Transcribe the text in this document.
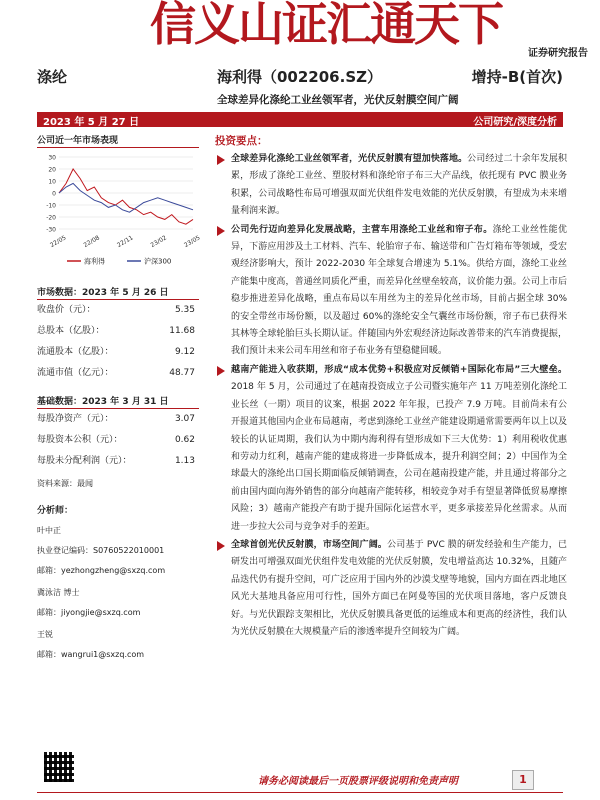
信义山证汇通天下
证券研究报告
涤纶	海利得（002206.SZ）	增持-B(首次)
全球差异化涤纶工业丝领军者，光伏反射膜空间广阔
2023 年 5 月 27 日	公司研究/深度分析
公司近一年市场表现
30
20
10
0
-10
-20
-30
22/05	22/08	22/11	23/02	23/05
海利得	沪深300
市场数据：2023 年 5 月 26 日
收盘价（元）：	5.35
总股本（亿股）：	11.68
流通股本（亿股）：	9.12
流通市值（亿元）：	48.77
基础数据：2023 年 3 月 31 日
每股净资产（元）：	3.07
每股资本公积（元）：	0.62
每股未分配利润（元）：	1.13
资料来源：最闻
分析师：
叶中正
执业登记编码：S0760522010001
邮箱：yezhongzheng@sxzq.com
冀泳洁 博士
邮箱：jiyongjie@sxzq.com
王锐
邮箱：wangrui1@sxzq.com
投资要点：
全球差异化涤纶工业丝领军者，光伏反射膜有望加快落地。公司经过二十余年发展积累，形成了涤纶工业丝、塑胶材料和涤纶帘子布三大产品线，依托现有 PVC 膜业务积累，公司战略性布局可增强双面光伏组件发电效能的光伏反射膜，有望成为未来增量利润来源。
公司先行迈向差异化发展战略，主营车用涤纶工业丝和帘子布。涤纶工业丝性能优异，下游应用涉及土工材料、汽车、轮胎帘子布、输送带和广告灯箱布等领域，受宏观经济影响大，预计 2022-2030 年全球复合增速为 5.1%。供给方面，涤纶工业丝产能集中度高，普通丝同质化严重，而差异化丝壁垒较高，议价能力强。公司上市后稳步推进差异化战略，重点布局以车用丝为主的差异化丝市场，目前占据全球 30%的安全带丝市场份额，以及超过 60%的涤纶安全气囊丝市场份额，帘子布已获得米其林等全球轮胎巨头长期认证。伴随国内外宏观经济边际改善带来的汽车消费提振，我们预计未来公司车用丝和帘子布业务有望稳健回暖。
越南产能进入收获期，形成“成本优势+积极应对反倾销+国际化布局”三大壁垒。2018 年 5 月，公司通过了在越南投资成立子公司暨实施年产 11 万吨差别化涤纶工业长丝（一期）项目的议案，根据 2022 年年报，已投产 7.9 万吨。目前尚未有公开报道其他国内企业布局越南，考虑到涤纶工业丝产能建设期通常需要两年以上以及较长的认证周期，我们认为中期内海利得有望形成如下三大优势：1）利用税收优惠和劳动力红利，越南产能的建成将进一步降低成本，提升利润空间；2）中国作为全球最大的涤纶出口国长期面临反倾销调查，公司在越南投建产能，并且通过将部分之前由国内面向海外销售的部分向越南产能转移，相较竞争对手有望显著降低贸易摩擦风险；3）越南产能投产有助于提升国际化运营水平，更多承接差异化丝需求。从而进一步拉大公司与竞争对手的差距。
全球首创光伏反射膜，市场空间广阔。公司基于 PVC 膜的研发经验和生产能力，已研发出可增强双面光伏组件发电效能的光伏反射膜，发电增益高达 10.32%，且随产品迭代仍有提升空间，可广泛应用于国内外的沙漠戈壁等地貌，国内方面在西北地区风光大基地具备应用可行性，国外方面已在阿曼等国的光伏项目落地，客户反馈良好。与光伏跟踪支架相比，光伏反射膜具备更低的运维成本和更高的经济性，我们认为光伏反射膜在大规模量产后的渗透率提升空间较为广阔。
请务必阅读最后一页股票评级说明和免责声明	1
